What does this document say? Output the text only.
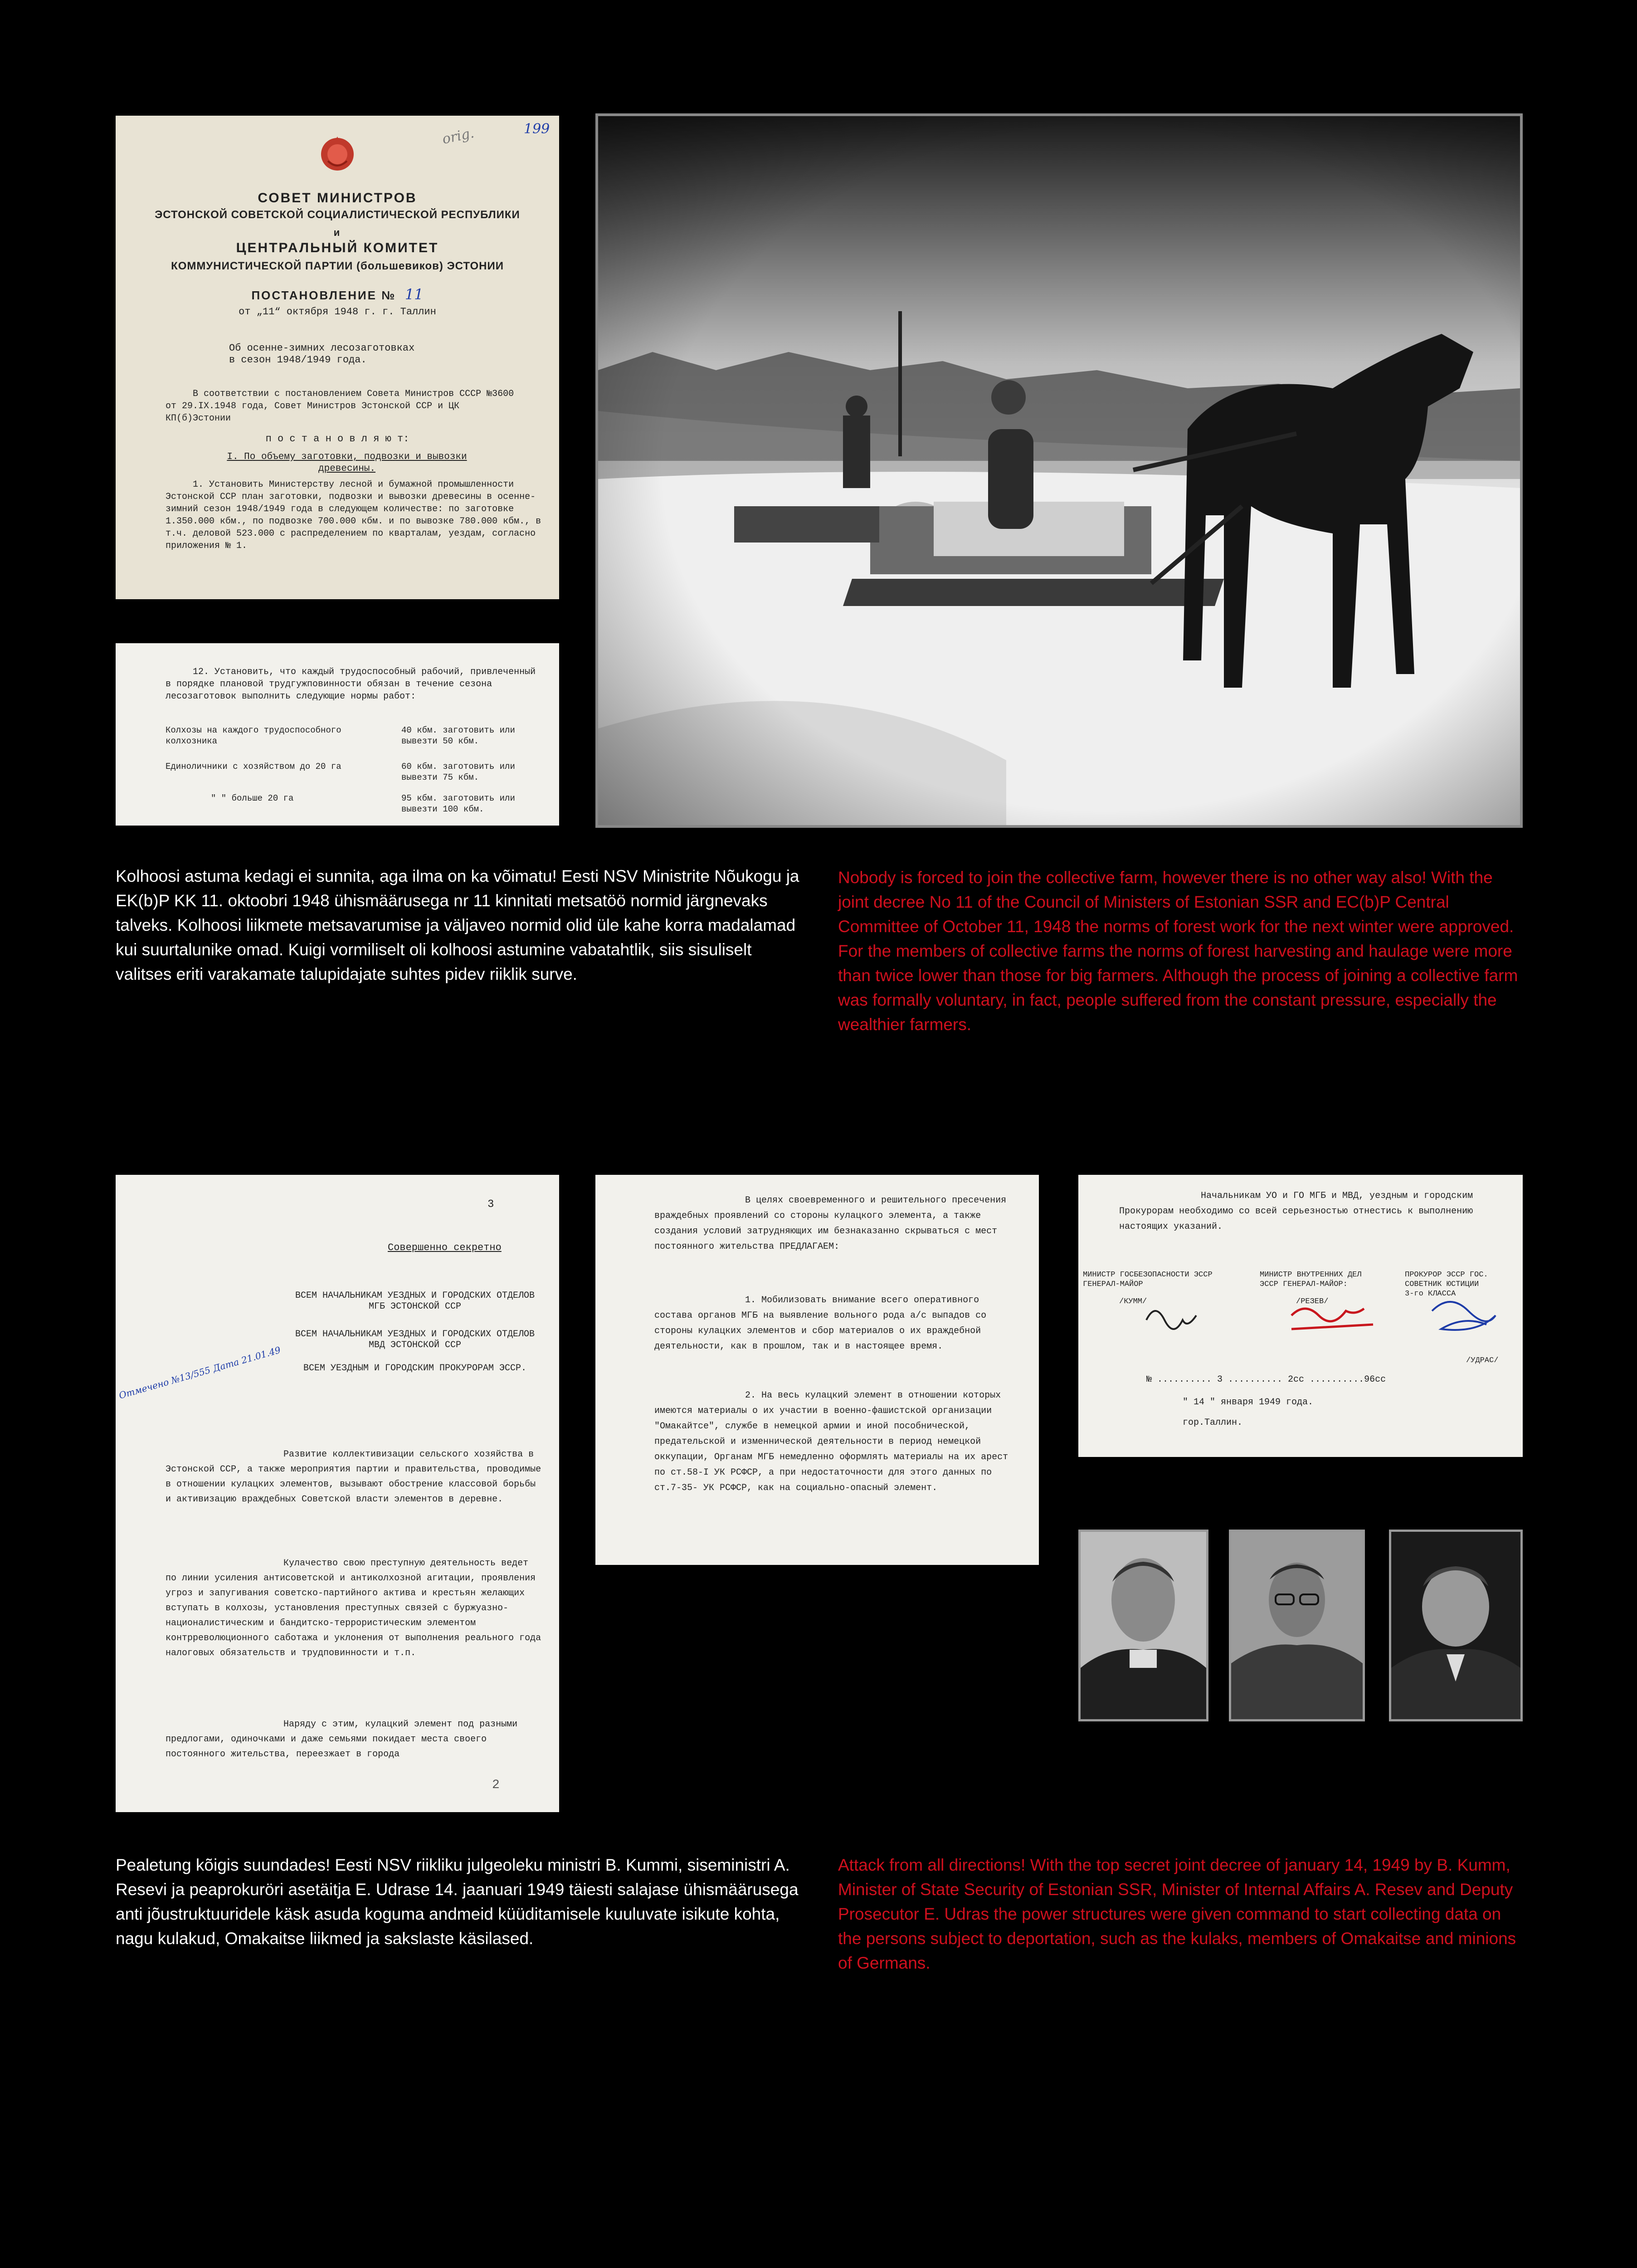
199
orig.
СОВЕТ МИНИСТРОВ
ЭСТОНСКОЙ СОВЕТСКОЙ СОЦИАЛИСТИЧЕСКОЙ РЕСПУБЛИКИ
и
ЦЕНТРАЛЬНЫЙ КОМИТЕТ
КОММУНИСТИЧЕСКОЙ ПАРТИИ (большевиков) ЭСТОНИИ
ПОСТАНОВЛЕНИЕ № 11
от „11“ октября 1948 г. г. Таллин
Об осенне-зимних лесозаготовках
в сезон 1948/1949 года.
В соответствии с постановлением Совета Министров СССР №3600 от 29.IX.1948 года, Совет Министров Эстонской ССР и ЦК КП(б)Эстонии
п о с т а н о в л я ю т:
I. По объему заготовки, подвозки и вывозки древесины.
1. Установить Министерству лесной и бумажной промышленности Эстонской ССР план заготовки, подвозки и вывозки древесины в осенне-зимний сезон 1948/1949 года в следующем количестве: по заготовке 1.350.000 кбм., по подвозке 700.000 кбм. и по вывозке 780.000 кбм., в т.ч. деловой 523.000 с распределением по кварталам, уездам, согласно приложения № 1.
12. Установить, что каждый трудоспособный рабочий, привлеченный в порядке плановой трудгужповинности обязан в течение сезона лесозаготовок выполнить следующие нормы работ:
Колхозы на каждого трудоспособного колхозника
40 кбм. заготовить или вывезти 50 кбм.
Единоличники с хозяйством до 20 га	60 кбм. заготовить или вывезти 75 кбм.
" " больше 20 га	95 кбм. заготовить или вывезти 100 кбм.
Kolhoosi astuma kedagi ei sunnita, aga ilma on ka võimatu! Eesti NSV Ministrite Nõukogu ja EK(b)P KK 11. oktoobri 1948 ühismäärusega nr 11 kinnitati metsatöö normid järgnevaks talveks. Kolhoosi liikmete metsavarumise ja väljaveo normid olid üle kahe korra madalamad kui suurtalunike omad. Kuigi vormiliselt oli kolhoosi astumine vabatahtlik, siis sisuliselt valitses eriti varakamate talupidajate suhtes pidev riiklik surve.
Nobody is forced to join the collective farm, however there is no other way also! With the joint decree No 11 of the Council of Ministers of Estonian SSR and EC(b)P Central Committee of October 11, 1948 the norms of forest work for the next winter were approved. For the members of collective farms the norms of forest harvesting and haulage were more than twice lower than those for big farmers. Although the process of joining a collective farm was formally voluntary, in fact, people suffered from the constant pressure, especially the wealthier farmers.
3
Совершенно секретно
ВСЕМ НАЧАЛЬНИКАМ УЕЗДНЫХ И ГОРОДСКИХ ОТДЕЛОВ
МГБ ЭСТОНСКОЙ ССР
ВСЕМ НАЧАЛЬНИКАМ УЕЗДНЫХ И ГОРОДСКИХ ОТДЕЛОВ
МВД ЭСТОНСКОЙ ССР
ВСЕМ УЕЗДНЫМ И ГОРОДСКИМ ПРОКУРОРАМ ЭССР.
Отмечено №13/555 Дата 21.01.49
Развитие коллективизации сельского хозяйства в Эстонской ССР, а также мероприятия партии и правительства, проводимые в отношении кулацких элементов, вызывают обострение классовой борьбы и активизацию враждебных Советской власти элементов в деревне.
Кулачество свою преступную деятельность ведет по линии усиления антисоветской и антиколхозной агитации, проявления угроз и запугивания советско-партийного актива и крестьян желающих вступать в колхозы, установления преступных связей с буржуазно-националистическим и бандитско-террористическим элементом контрреволюционного саботажа и уклонения от выполнения реального года налоговых обязательств и трудповинности и т.п.
Наряду с этим, кулацкий элемент под разными предлогами, одиночками и даже семьями покидает места своего постоянного жительства, переезжает в города
2
В целях своевременного и решительного пресечения враждебных проявлений со стороны кулацкого элемента, а также создания условий затрудняющих им безнаказанно скрываться с мест постоянного жительства ПРЕДЛАГАЕМ:
1. Мобилизовать внимание всего оперативного состава органов МГБ на выявление вольного рода а/с выпадов со стороны кулацких элементов и сбор материалов о их враждебной деятельности, как в прошлом, так и в настоящее время.
2. На весь кулацкий элемент в отношении которых имеются материалы о их участии в военно-фашистской организации "Омакайтсе", службе в немецкой армии и иной пособнической, предательской и изменнической деятельности в период немецкой оккупации, Органам МГБ немедленно оформлять материалы на их арест по ст.58-I УК РСФСР, а при недостаточности для этого данных по ст.7-35- УК РСФСР, как на социально-опасный элемент.
Начальникам УО и ГО МГБ и МВД, уездным и городским Прокурорам необходимо со всей серьезностью отнестись к выполнению настоящих указаний.
МИНИСТР ГОСБЕЗОПАСНОСТИ ЭССР
ГЕНЕРАЛ-МАЙОР
/КУММ/
МИНИСТР ВНУТРЕННИХ ДЕЛ
ЭССР ГЕНЕРАЛ-МАЙОР:
/РЕЗЕВ/
ПРОКУРОР ЭССР ГОС.
СОВЕТНИК ЮСТИЦИИ
3-го КЛАССА
/УДРАС/
№ .......... 3 .......... 2сс ..........96сс
" 14 " января 1949 года.
гор.Таллин.
Pealetung kõigis suundades! Eesti NSV riikliku julgeoleku ministri B. Kummi, siseministri A. Resevi ja peaprokuröri asetäitja E. Udrase 14. jaanuari 1949 täiesti salajase ühismäärusega anti jõustruktuuridele käsk asuda koguma andmeid küüditamisele kuuluvate isikute kohta, nagu kulakud, Omakaitse liikmed ja sakslaste käsilased.
Attack from all directions! With the top secret joint decree of january 14, 1949 by B. Kumm, Minister of State Security of Estonian SSR, Minister of Internal Affairs A. Resev and Deputy Prosecutor E. Udras the power structures were given command to start collecting data on the persons subject to deportation, such as the kulaks, members of Omakaitse and minions of Germans.
